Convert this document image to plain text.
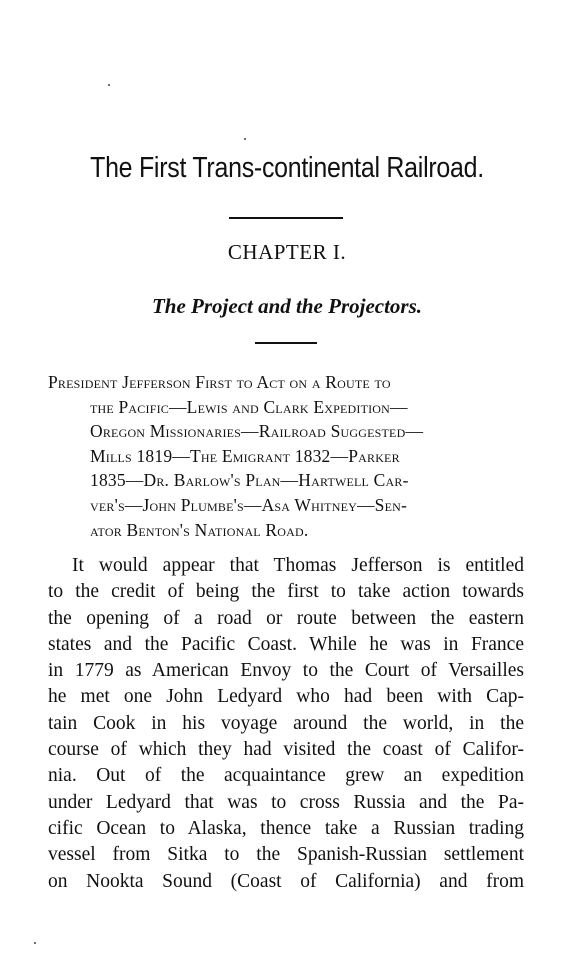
The First Trans-continental Railroad.
CHAPTER I.
The Project and the Projectors.
President Jefferson First to Act on a Route to
the Pacific—Lewis and Clark Expedition—
Oregon Missionaries—Railroad Suggested—
Mills 1819—The Emigrant 1832—Parker
1835—Dr. Barlow's Plan—Hartwell Car-
ver's—John Plumbe's—Asa Whitney—Sen-
ator Benton's National Road.
It would appear that Thomas Jefferson is entitled
to the credit of being the first to take action towards
the opening of a road or route between the eastern
states and the Pacific Coast. While he was in France
in 1779 as American Envoy to the Court of Versailles
he met one John Ledyard who had been with Cap-
tain Cook in his voyage around the world, in the
course of which they had visited the coast of Califor-
nia. Out of the acquaintance grew an expedition
under Ledyard that was to cross Russia and the Pa-
cific Ocean to Alaska, thence take a Russian trading
vessel from Sitka to the Spanish-Russian settlement
on Nookta Sound (Coast of California) and from
